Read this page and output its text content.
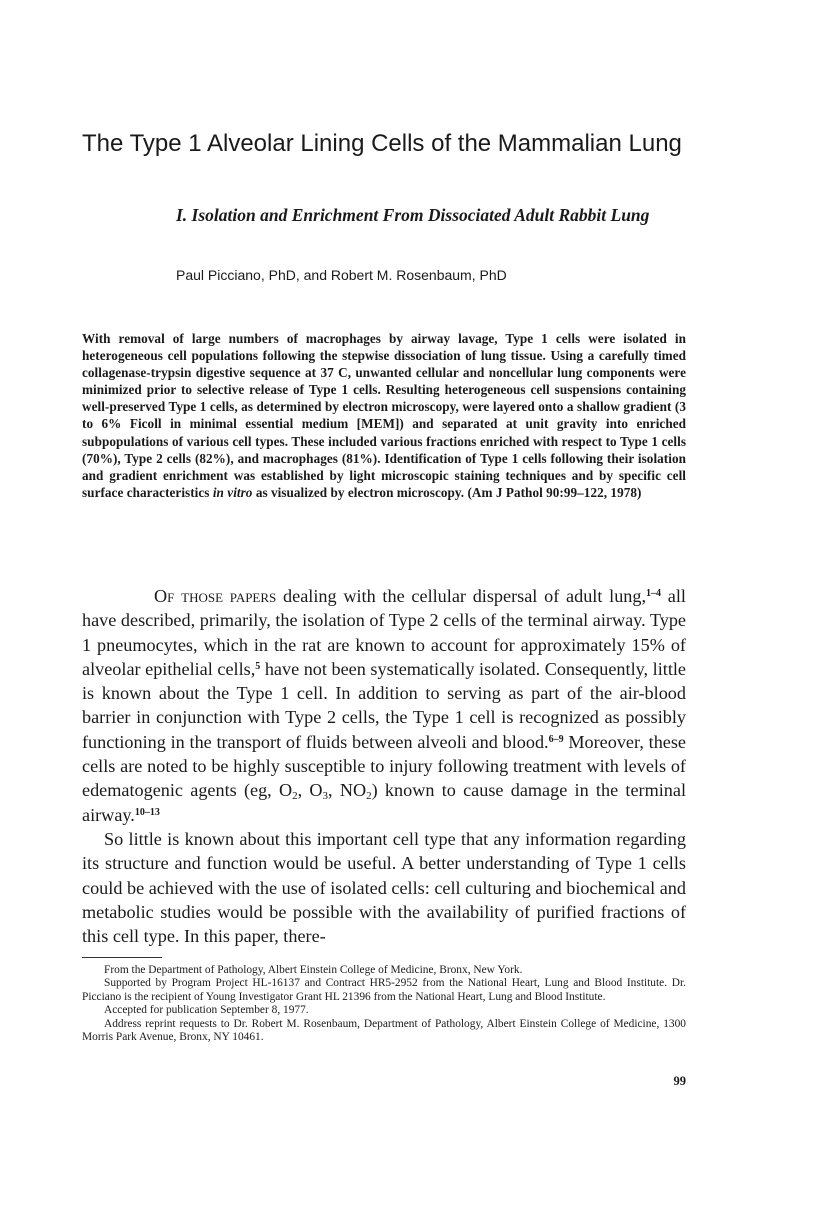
The Type 1 Alveolar Lining Cells of the Mammalian Lung
I. Isolation and Enrichment From Dissociated Adult Rabbit Lung
Paul Picciano, PhD, and Robert M. Rosenbaum, PhD

With removal of large numbers of macrophages by airway lavage, Type 1 cells were isolated in heterogeneous cell populations following the stepwise dissociation of lung tissue. Using a carefully timed collagenase-trypsin digestive sequence at 37 C, unwanted cellular and noncellular lung components were minimized prior to selective release of Type 1 cells. Resulting heterogeneous cell suspensions containing well-preserved Type 1 cells, as determined by electron microscopy, were layered onto a shallow gradient (3 to 6% Ficoll in minimal essential medium [MEM]) and separated at unit gravity into enriched subpopulations of various cell types. These included various fractions enriched with respect to Type 1 cells (70%), Type 2 cells (82%), and macrophages (81%). Identification of Type 1 cells following their isolation and gradient enrichment was established by light microscopic staining techniques and by specific cell surface characteristics in vitro as visualized by electron microscopy. (Am J Pathol 90:99–122, 1978)

Of those papers dealing with the cellular dispersal of adult lung,$^{1-4}$ all have described, primarily, the isolation of Type 2 cells of the terminal airway. Type 1 pneumocytes, which in the rat are known to account for approximately 15% of alveolar epithelial cells,$^5$ have not been systematically isolated. Consequently, little is known about the Type 1 cell. In addition to serving as part of the air-blood barrier in conjunction with Type 2 cells, the Type 1 cell is recognized as possibly functioning in the transport of fluids between alveoli and blood.$^{6-9}$ Moreover, these cells are noted to be highly susceptible to injury following treatment with levels of edematogenic agents (eg, $O_2$, $O_3$, $NO_2$) known to cause damage in the terminal airway.$^{10-13}$

So little is known about this important cell type that any information regarding its structure and function would be useful. A better understanding of Type 1 cells could be achieved with the use of isolated cells: cell culturing and biochemical and metabolic studies would be possible with the availability of purified fractions of this cell type. In this paper, there-

From the Department of Pathology, Albert Einstein College of Medicine, Bronx, New York.

Supported by Program Project HL-16137 and Contract HR5-2952 from the National Heart, Lung and Blood Institute. Dr. Picciano is the recipient of Young Investigator Grant HL 21396 from the National Heart, Lung and Blood Institute.

Accepted for publication September 8, 1977.

Address reprint requests to Dr. Robert M. Rosenbaum, Department of Pathology, Albert Einstein College of Medicine, 1300 Morris Park Avenue, Bronx, NY 10461.

99
